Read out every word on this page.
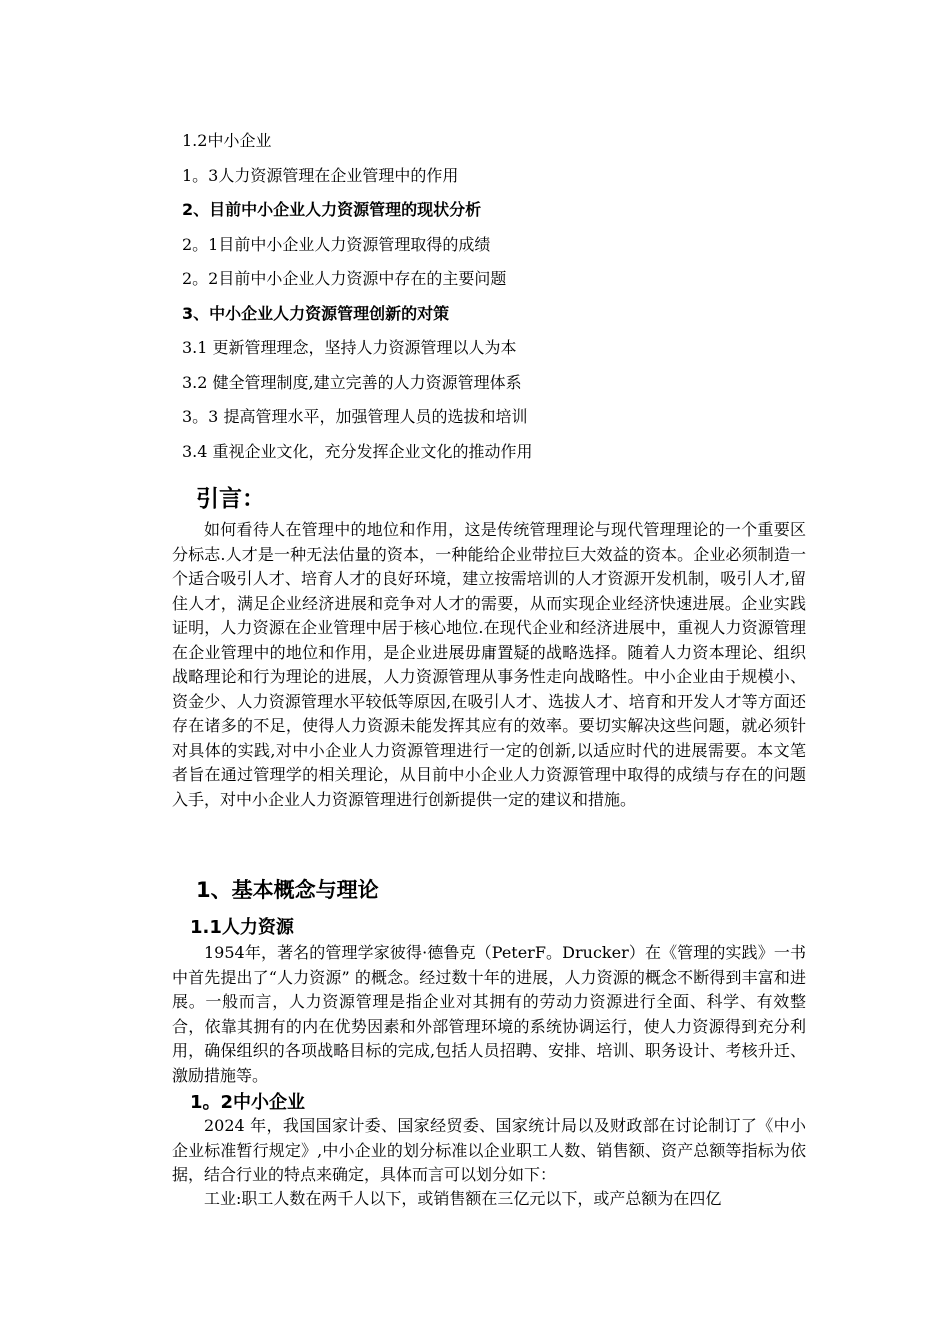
1.2中小企业
1。3人力资源管理在企业管理中的作用
2、目前中小企业人力资源管理的现状分析
2。1目前中小企业人力资源管理取得的成绩
2。2目前中小企业人力资源中存在的主要问题
3、中小企业人力资源管理创新的对策
3.1 更新管理理念，坚持人力资源管理以人为本
3.2 健全管理制度,建立完善的人力资源管理体系
3。3 提高管理水平，加强管理人员的选拔和培训
3.4 重视企业文化，充分发挥企业文化的推动作用
引言：

如何看待人在管理中的地位和作用，这是传统管理理论与现代管理理论的一个重要区分标志.人才是一种无法估量的资本，一种能给企业带拉巨大效益的资本。企业必须制造一个适合吸引人才、培育人才的良好环境，建立按需培训的人才资源开发机制，吸引人才,留住人才，满足企业经济进展和竞争对人才的需要，从而实现企业经济快速进展。企业实践证明，人力资源在企业管理中居于核心地位.在现代企业和经济进展中，重视人力资源管理在企业管理中的地位和作用，是企业进展毋庸置疑的战略选择。随着人力资本理论、组织战略理论和行为理论的进展，人力资源管理从事务性走向战略性。中小企业由于规模小、资金少、人力资源管理水平较低等原因,在吸引人才、选拔人才、培育和开发人才等方面还存在诸多的不足，使得人力资源未能发挥其应有的效率。要切实解决这些问题，就必须针对具体的实践,对中小企业人力资源管理进行一定的创新,以适应时代的进展需要。本文笔者旨在通过管理学的相关理论，从目前中小企业人力资源管理中取得的成绩与存在的问题入手，对中小企业人力资源管理进行创新提供一定的建议和措施。

1、基本概念与理论
1.1人力资源

1954年，著名的管理学家彼得·德鲁克（PeterF。Drucker）在《管理的实践》一书中首先提出了“人力资源” 的概念。经过数十年的进展，人力资源的概念不断得到丰富和进展。一般而言，人力资源管理是指企业对其拥有的劳动力资源进行全面、科学、有效整合，依靠其拥有的内在优势因素和外部管理环境的系统协调运行，使人力资源得到充分利用，确保组织的各项战略目标的完成,包括人员招聘、安排、培训、职务设计、考核升迁、激励措施等。

1。2中小企业

2024 年，我国国家计委、国家经贸委、国家统计局以及财政部在讨论制订了《中小企业标准暂行规定》,中小企业的划分标准以企业职工人数、销售额、资产总额等指标为依据，结合行业的特点来确定，具体而言可以划分如下：

工业:职工人数在两千人以下，或销售额在三亿元以下，或产总额为在四亿
